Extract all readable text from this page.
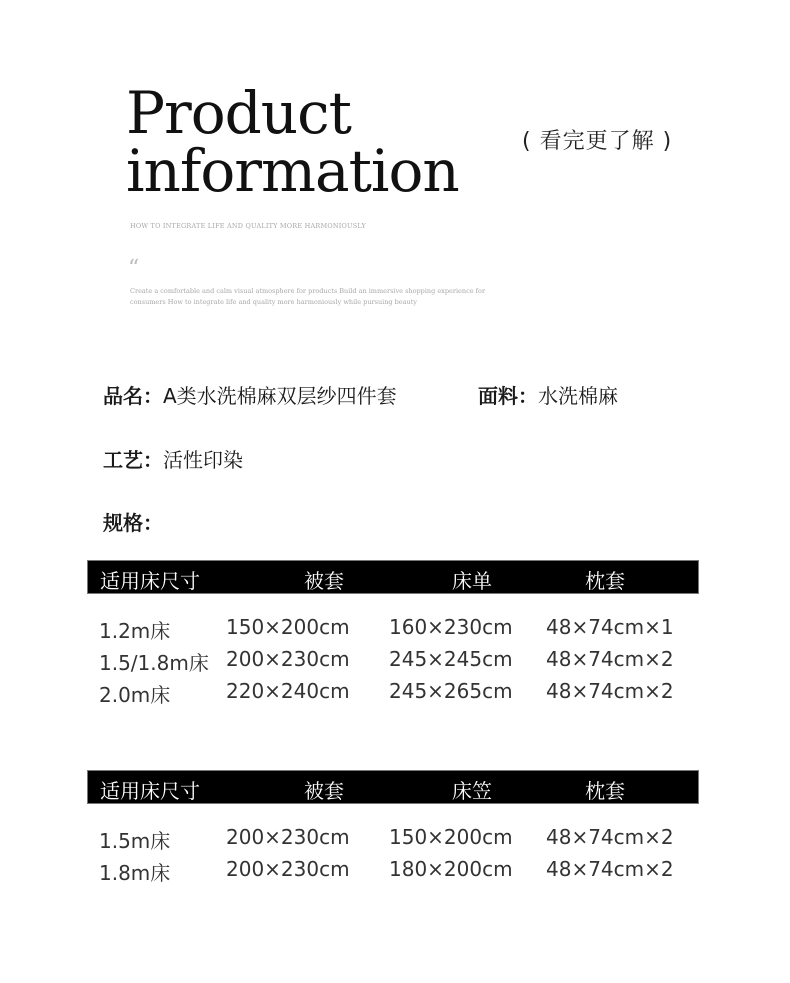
Product
information	( 看完更了解 )
HOW TO INTEGRATE LIFE AND QUALITY MORE HARMONIOUSLY
“
Create a comfortable and calm visual atmosphere for products Build an immersive shopping experience for consumers How to integrate life and quality more harmoniously while pursuing beauty
品名：A类水洗棉麻双层纱四件套	面料：水洗棉麻
工艺：活性印染
规格：
适用床尺寸	被套	床单	枕套
1.2m床	150×200cm 160×230cm 48×74cm×1
1.5/1.8m床 200×230cm 245×245cm 48×74cm×2
2.0m床	220×240cm 245×265cm 48×74cm×2
适用床尺寸	被套	床笠	枕套
1.5m床	200×230cm 150×200cm 48×74cm×2
1.8m床	200×230cm 180×200cm 48×74cm×2
